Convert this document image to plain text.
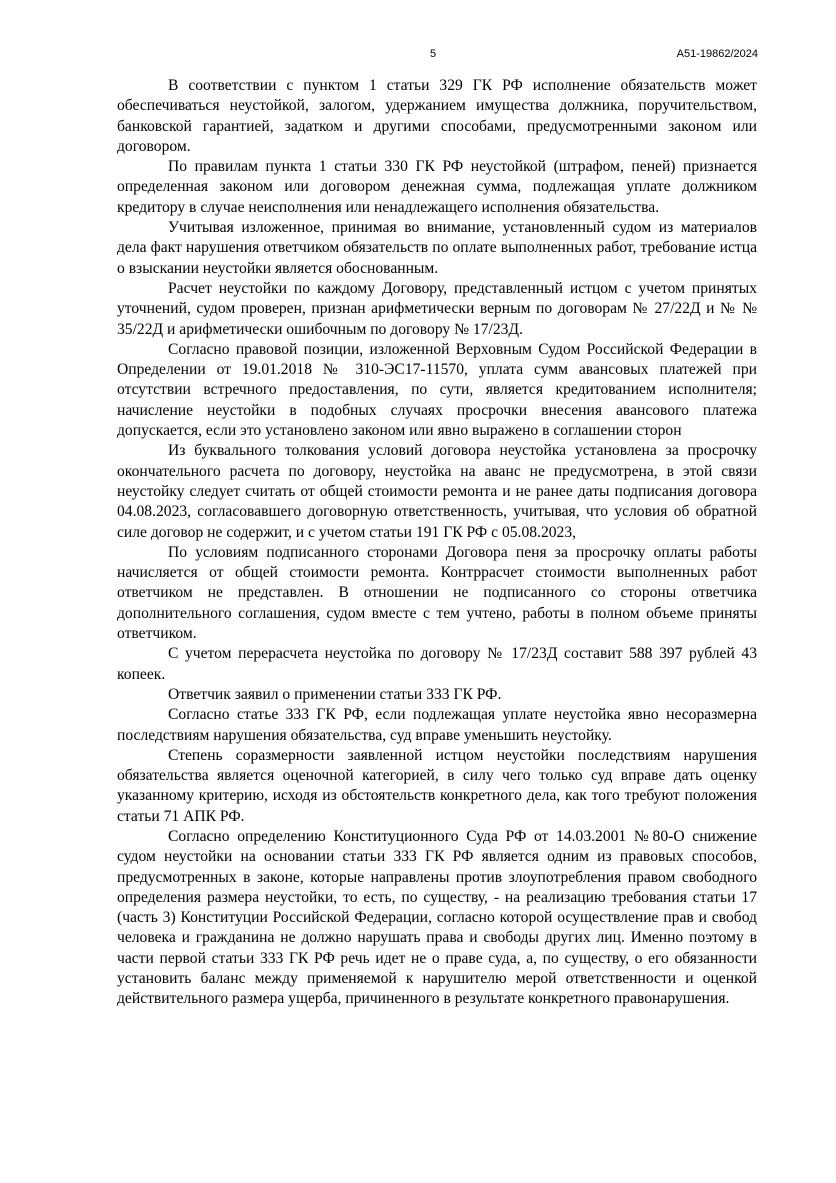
5	А51-19862/2024

В соответствии с пунктом 1 статьи 329 ГК РФ исполнение обязательств может обеспечиваться неустойкой, залогом, удержанием имущества должника, поручительством, банковской гарантией, задатком и другими способами, предусмотренными законом или договором.

По правилам пункта 1 статьи 330 ГК РФ неустойкой (штрафом, пеней) признается определенная законом или договором денежная сумма, подлежащая уплате должником кредитору в случае неисполнения или ненадлежащего исполнения обязательства.

Учитывая изложенное, принимая во внимание, установленный судом из материалов дела факт нарушения ответчиком обязательств по оплате выполненных работ, требование истца о взыскании неустойки является обоснованным.

Расчет неустойки по каждому Договору, представленный истцом с учетом принятых уточнений, судом проверен, признан арифметически верным по договорам № 27/22Д и № № 35/22Д и арифметически ошибочным по договору № 17/23Д.

Согласно правовой позиции, изложенной Верховным Судом Российской Федерации в Определении от 19.01.2018 № 310-ЭС17-11570, уплата сумм авансовых платежей при отсутствии встречного предоставления, по сути, является кредитованием исполнителя; начисление неустойки в подобных случаях просрочки внесения авансового платежа допускается, если это установлено законом или явно выражено в соглашении сторон

Из буквального толкования условий договора неустойка установлена за просрочку окончательного расчета по договору, неустойка на аванс не предусмотрена, в этой связи неустойку следует считать от общей стоимости ремонта и не ранее даты подписания договора 04.08.2023, согласовавшего договорную ответственность, учитывая, что условия об обратной силе договор не содержит, и с учетом статьи 191 ГК РФ с 05.08.2023,

По условиям подписанного сторонами Договора пеня за просрочку оплаты работы начисляется от общей стоимости ремонта. Контррасчет стоимости выполненных работ ответчиком не представлен. В отношении не подписанного со стороны ответчика дополнительного соглашения, судом вместе с тем учтено, работы в полном объеме приняты ответчиком.

С учетом перерасчета неустойка по договору № 17/23Д составит 588 397 рублей 43 копеек.

Ответчик заявил о применении статьи 333 ГК РФ.

Согласно статье 333 ГК РФ, если подлежащая уплате неустойка явно несоразмерна последствиям нарушения обязательства, суд вправе уменьшить неустойку.

Степень соразмерности заявленной истцом неустойки последствиям нарушения обязательства является оценочной категорией, в силу чего только суд вправе дать оценку указанному критерию, исходя из обстоятельств конкретного дела, как того требуют положения статьи 71 АПК РФ.

Согласно определению Конституционного Суда РФ от 14.03.2001 №80-О снижение судом неустойки на основании статьи 333 ГК РФ является одним из правовых способов, предусмотренных в законе, которые направлены против злоупотребления правом свободного определения размера неустойки, то есть, по существу, - на реализацию требования статьи 17 (часть 3) Конституции Российской Федерации, согласно которой осуществление прав и свобод человека и гражданина не должно нарушать права и свободы других лиц. Именно поэтому в части первой статьи 333 ГК РФ речь идет не о праве суда, а, по существу, о его обязанности установить баланс между применяемой к нарушителю мерой ответственности и оценкой действительного размера ущерба, причиненного в результате конкретного правонарушения.
